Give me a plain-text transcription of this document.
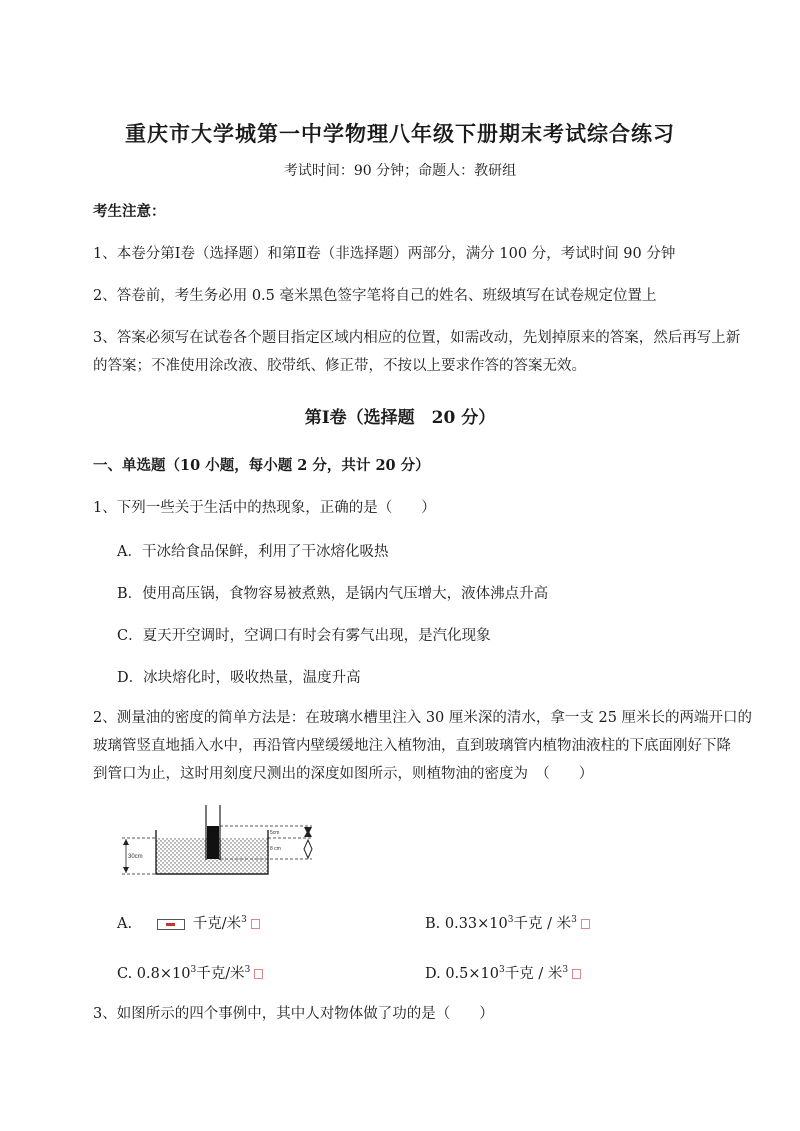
重庆市大学城第一中学物理八年级下册期末考试综合练习
考试时间：90 分钟；命题人：教研组
考生注意：
1、本卷分第Ⅰ卷（选择题）和第Ⅱ卷（非选择题）两部分，满分 100 分，考试时间 90 分钟
2、答卷前，考生务必用 0.5 毫米黑色签字笔将自己的姓名、班级填写在试卷规定位置上
3、答案必须写在试卷各个题目指定区域内相应的位置，如需改动，先划掉原来的答案，然后再写上新
的答案；不准使用涂改液、胶带纸、修正带，不按以上要求作答的答案无效。
第Ⅰ卷（选择题　20 分）
一、单选题（10 小题，每小题 2 分，共计 20 分）
1、下列一些关于生活中的热现象，正确的是（　　）
A．干冰给食品保鲜，利用了干冰熔化吸热
B．使用高压锅，食物容易被煮熟，是锅内气压增大，液体沸点升高
C．夏天开空调时，空调口有时会有雾气出现，是汽化现象
D．冰块熔化时，吸收热量，温度升高
2、测量油的密度的简单方法是：在玻璃水槽里注入 30 厘米深的清水，拿一支 25 厘米长的两端开口的
玻璃管竖直地插入水中，再沿管内壁缓缓地注入植物油，直到玻璃管内植物油液柱的下底面刚好下降
到管口为止，这时用刻度尺测出的深度如图所示，则植物油的密度为　（　　）
30cm
5cm
8 cm
A.	千克/米$^3$	B. $0.33\times 10^3$千克 / 米$^3$
C. $0.8\times 10^3$千克/米$^3$	D. $0.5\times 10^3$千克 / 米$^3$
3、如图所示的四个事例中，其中人对物体做了功的是（　　）
